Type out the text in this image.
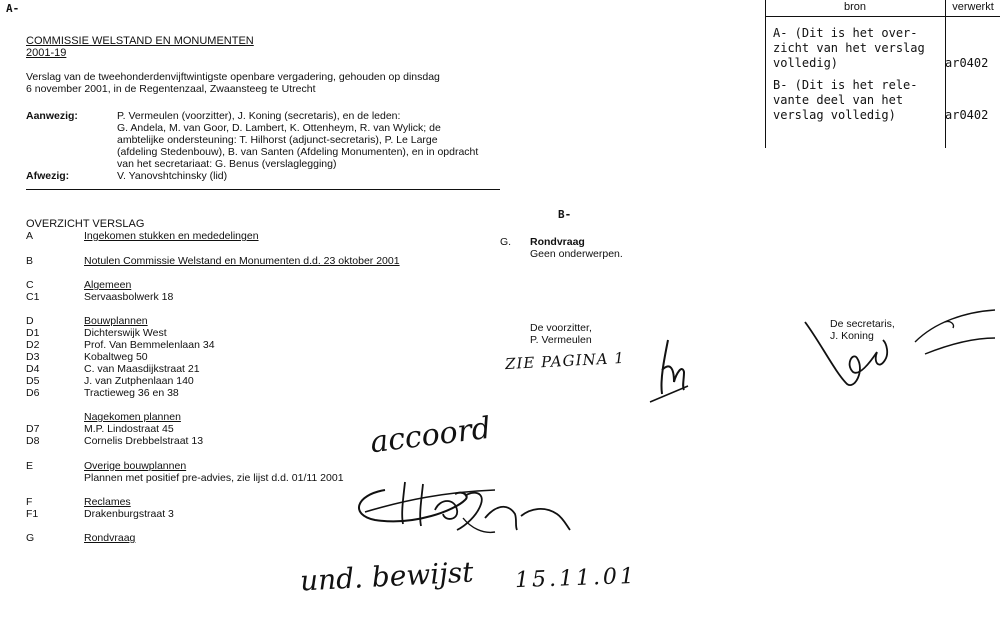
A-
B-
bron	verwerkt
A- (Dit is het over-
zicht van het verslag
volledig)	ar0402
B- (Dit is het rele-
vante deel van het
verslag volledig)	ar0402
COMMISSIE WELSTAND EN MONUMENTEN
2001-19
Verslag van de tweehonderdenvijftwintigste openbare vergadering, gehouden op dinsdag
6 november 2001, in de Regentenzaal, Zwaansteeg te Utrecht
Aanwezig:	P. Vermeulen (voorzitter), J. Koning (secretaris), en de leden:
G. Andela, M. van Goor, D. Lambert, K. Ottenheym, R. van Wylick; de
ambtelijke ondersteuning: T. Hilhorst (adjunct-secretaris), P. Le Large
(afdeling Stedenbouw), B. van Santen (Afdeling Monumenten), en in opdracht
van het secretariaat: G. Benus (verslaglegging)
Afwezig:	V. Yanovshtchinsky (lid)
OVERZICHT VERSLAG
A	Ingekomen stukken en mededelingen
B	Notulen Commissie Welstand en Monumenten d.d. 23 oktober 2001
C	Algemeen
C1	Servaasbolwerk 18
D	Bouwplannen
D1	Dichterswijk West
D2	Prof. Van Bemmelenlaan 34
D3	Kobaltweg 50
D4	C. van Maasdijkstraat 21
D5	J. van Zutphenlaan 140
D6	Tractieweg 36 en 38
Nagekomen plannen
D7	M.P. Lindostraat 45
D8	Cornelis Drebbelstraat 13
E	Overige bouwplannen
Plannen met positief pre-advies, zie lijst d.d. 01/11 2001
F	Reclames
F1	Drakenburgstraat 3
G	Rondvraag
G. Rondvraag
Geen onderwerpen.
De voorzitter,
P. Vermeulen
De secretaris,
J. Koning
ZIE PAGINA 1
accoord
und. bewijst 15.11.01
